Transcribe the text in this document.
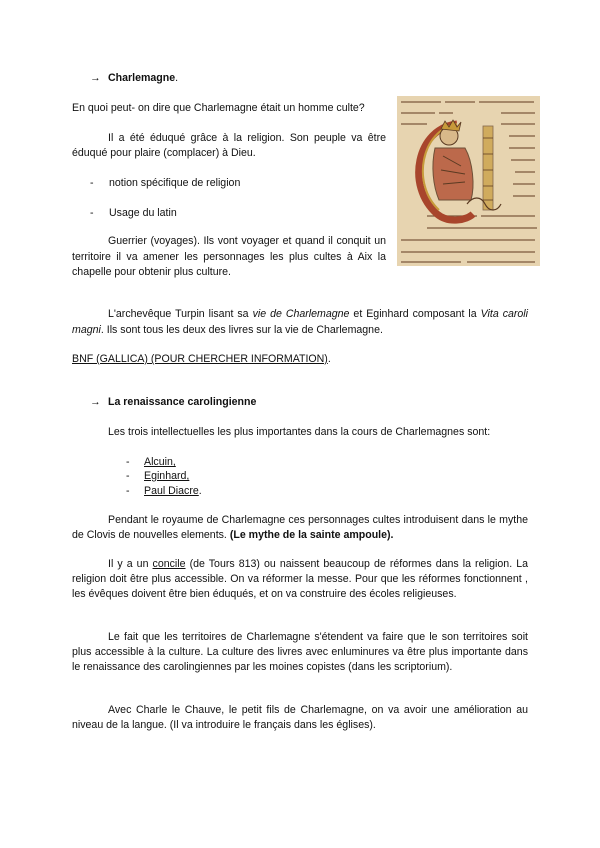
→ Charlemagne.
En quoi peut- on dire que Charlemagne était un homme culte?
Il a été éduqué grâce à la religion. Son peuple va être éduqué pour plaire (complacer) à Dieu.
- notion spécifique de religion
- Usage du latin
Guerrier (voyages). Ils vont voyager et quand il conquit un territoire il va amener les personnages les plus cultes à Aix la chapelle pour obtenir plus culture.
L'archevêque Turpin lisant sa vie de Charlemagne et Eginhard composant la Vita caroli magni. Ils sont tous les deux des livres sur la vie de Charlemagne.
BNF (GALLICA) (POUR CHERCHER INFORMATION).
→ La renaissance carolingienne
Les trois intellectuelles les plus importantes dans la cours de Charlemagnes sont:
- Alcuin,
- Eginhard,
- Paul Diacre.
Pendant le royaume de Charlemagne ces personnages cultes introduisent dans le mythe de Clovis de nouvelles elements. (Le mythe de la sainte ampoule).
Il y a un concile (de Tours 813) ou naissent beaucoup de réformes dans la religion. La religion doit être plus accessible. On va réformer la messe. Pour que les réformes fonctionnent , les évêques doivent être bien éduqués, et on va construire des écoles religieuses.
Le fait que les territoires de Charlemagne s'étendent va faire que le son territoires soit plus accessible à la culture. La culture des livres avec enluminures va être plus importante dans le renaissance des carolingiennes par les moines copistes (dans les scriptorium).
Avec Charle le Chauve, le petit fils de Charlemagne, on va avoir une amélioration au niveau de la langue. (Il va introduire le français dans les églises).
